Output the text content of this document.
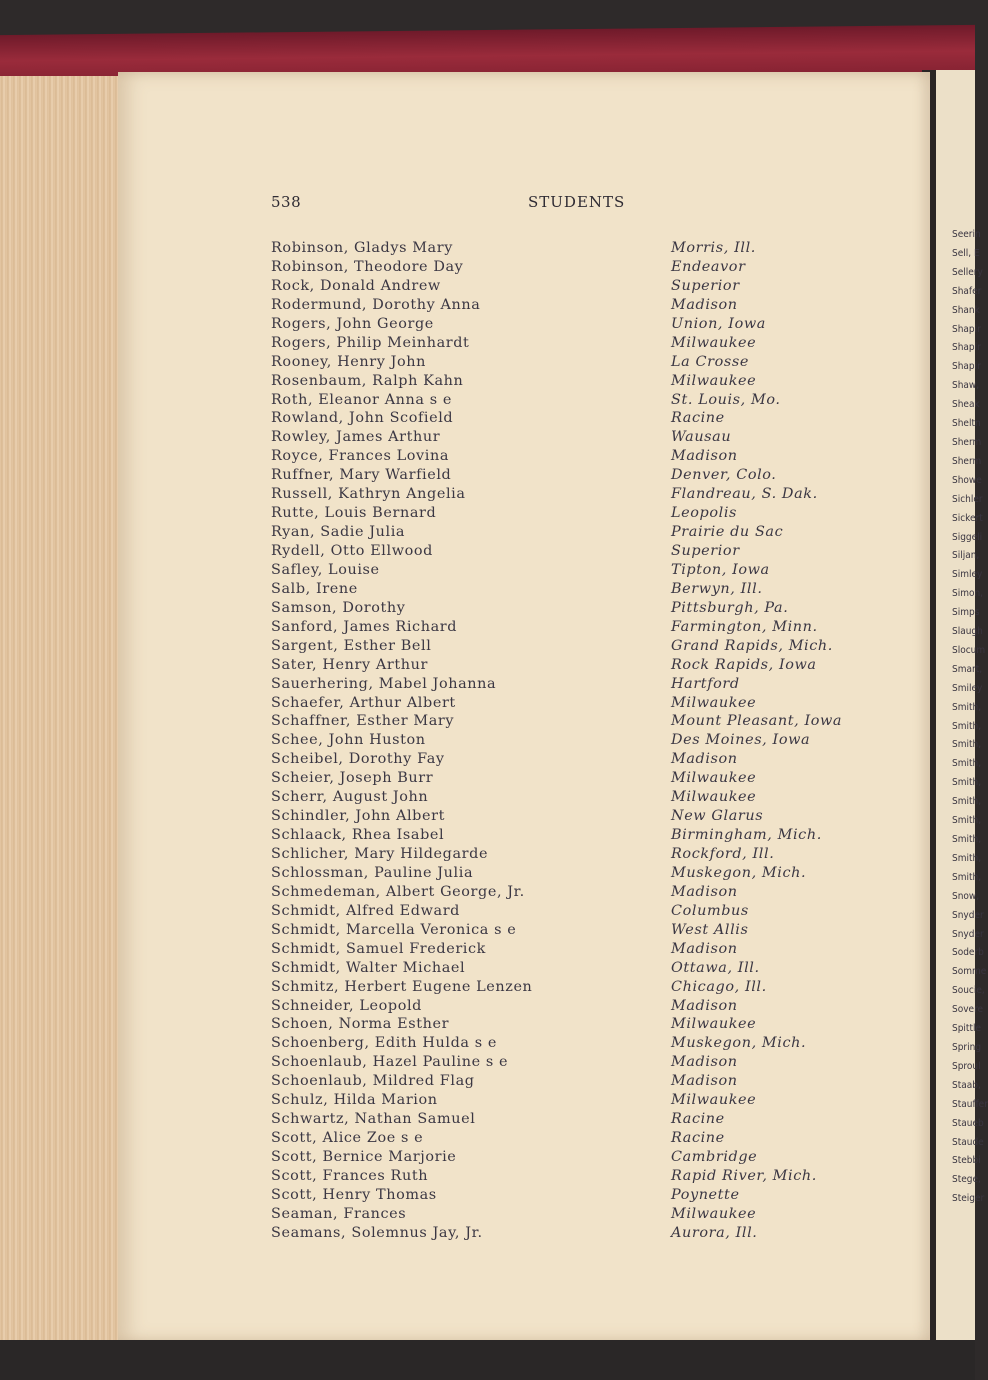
Seerin
Sell, E
Sellery
Shafer
Shank
Shapir
Shapir
Shapir
Shaw,
Sheak
Sheltn
Sherm
Sherm
Showe
Sichler
Sickert
Siggeli
Siljan,
Simley
Simon,
Simps
Slaugh
Slocum
Smart,
Smiley
Smith,
Smith,
Smith,
Smith,
Smith,
Smith,
Smith,
Smith,
Smith,
Smith,
Snow,
Snyder
Snyder
Soderb
Somme
Soucie,
Sovere
Spittle
Spring
Sproul
Staab,
Stauffer
Staueb
Staude
Stebbi
Stege,
Steiger
538	STUDENTS
Robinson, Gladys Mary	Morris, Ill.
Robinson, Theodore Day	Endeavor
Rock, Donald Andrew	Superior
Rodermund, Dorothy Anna	Madison
Rogers, John George	Union, Iowa
Rogers, Philip Meinhardt	Milwaukee
Rooney, Henry John	La Crosse
Rosenbaum, Ralph Kahn	Milwaukee
Roth, Eleanor Anna s e	St. Louis, Mo.
Rowland, John Scofield	Racine
Rowley, James Arthur	Wausau
Royce, Frances Lovina	Madison
Ruffner, Mary Warfield	Denver, Colo.
Russell, Kathryn Angelia	Flandreau, S. Dak.
Rutte, Louis Bernard	Leopolis
Ryan, Sadie Julia	Prairie du Sac
Rydell, Otto Ellwood	Superior
Safley, Louise	Tipton, Iowa
Salb, Irene	Berwyn, Ill.
Samson, Dorothy	Pittsburgh, Pa.
Sanford, James Richard	Farmington, Minn.
Sargent, Esther Bell	Grand Rapids, Mich.
Sater, Henry Arthur	Rock Rapids, Iowa
Sauerhering, Mabel Johanna	Hartford
Schaefer, Arthur Albert	Milwaukee
Schaffner, Esther Mary	Mount Pleasant, Iowa
Schee, John Huston	Des Moines, Iowa
Scheibel, Dorothy Fay	Madison
Scheier, Joseph Burr	Milwaukee
Scherr, August John	Milwaukee
Schindler, John Albert	New Glarus
Schlaack, Rhea Isabel	Birmingham, Mich.
Schlicher, Mary Hildegarde	Rockford, Ill.
Schlossman, Pauline Julia	Muskegon, Mich.
Schmedeman, Albert George, Jr.	Madison
Schmidt, Alfred Edward	Columbus
Schmidt, Marcella Veronica s e	West Allis
Schmidt, Samuel Frederick	Madison
Schmidt, Walter Michael	Ottawa, Ill.
Schmitz, Herbert Eugene Lenzen	Chicago, Ill.
Schneider, Leopold	Madison
Schoen, Norma Esther	Milwaukee
Schoenberg, Edith Hulda s e	Muskegon, Mich.
Schoenlaub, Hazel Pauline s e	Madison
Schoenlaub, Mildred Flag	Madison
Schulz, Hilda Marion	Milwaukee
Schwartz, Nathan Samuel	Racine
Scott, Alice Zoe s e	Racine
Scott, Bernice Marjorie	Cambridge
Scott, Frances Ruth	Rapid River, Mich.
Scott, Henry Thomas	Poynette
Seaman, Frances	Milwaukee
Seamans, Solemnus Jay, Jr.	Aurora, Ill.
